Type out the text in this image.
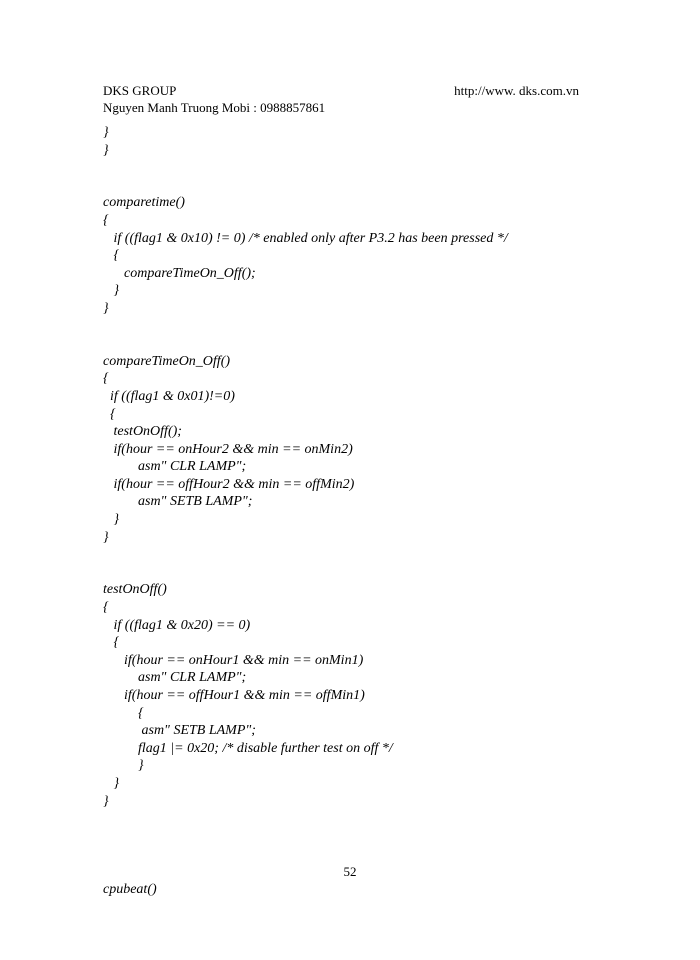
DKS GROUP
Nguyen Manh Truong Mobi : 0988857861
http://www. dks.com.vn
}
}
comparetime()
{
if ((flag1 & 0x10) != 0) /* enabled only after P3.2 has been pressed */
{
compareTimeOn_Off();
}
}
compareTimeOn_Off()
{
if ((flag1 & 0x01)!=0)
{
testOnOff();
if(hour == onHour2 && min == onMin2)
asm" CLR LAMP";
if(hour == offHour2 && min == offMin2)
asm" SETB LAMP";
}
}
testOnOff()
{
if ((flag1 & 0x20) == 0)
{
if(hour == onHour1 && min == onMin1)
asm" CLR LAMP";
if(hour == offHour1 && min == offMin1)
{
asm" SETB LAMP";
flag1 |= 0x20; /* disable further test on off */
}
}
}
cpubeat()
52
